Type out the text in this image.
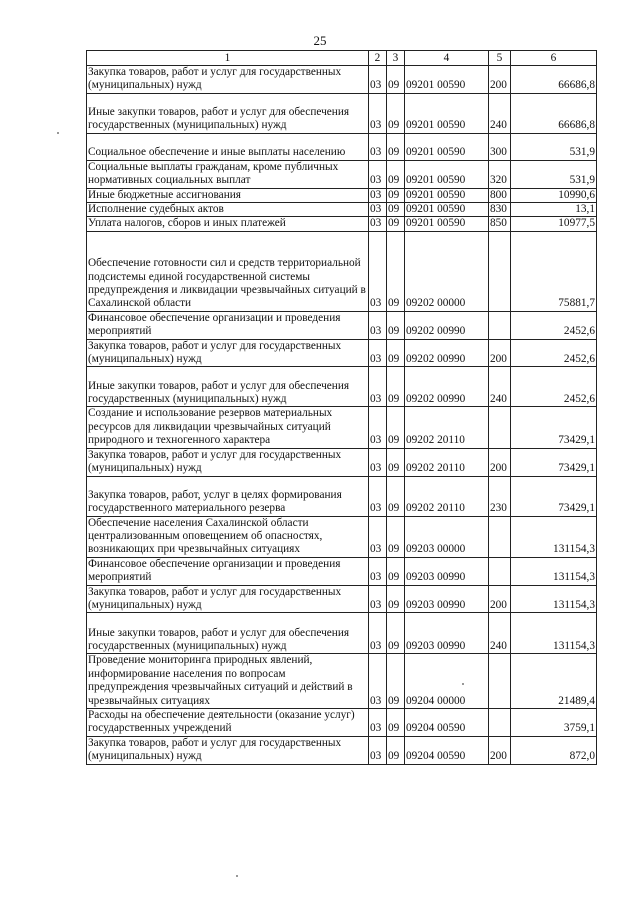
25
1	2	3	4	5	6
Закупка товаров, работ и услуг для государственных (муниципальных) нужд	03	09	09201 00590	200	66686,8
Иные закупки товаров, работ и услуг для обеспечения государственных (муниципальных) нужд	03	09	09201 00590	240	66686,8
Социальное обеспечение и иные выплаты населению	03	09	09201 00590	300	531,9
Социальные выплаты гражданам, кроме публичных нормативных социальных выплат	03	09	09201 00590	320	531,9
Иные бюджетные ассигнования	03	09	09201 00590	800	10990,6
Исполнение судебных актов	03	09	09201 00590	830	13,1
Уплата налогов, сборов и иных платежей	03	09	09201 00590	850	10977,5
Обеспечение готовности сил и средств территориальной подсистемы единой государственной системы предупреждения и ликвидации чрезвычайных ситуаций в Сахалинской области	03	09	09202 00000		75881,7
Финансовое обеспечение организации и проведения мероприятий	03	09	09202 00990		2452,6
Закупка товаров, работ и услуг для государственных (муниципальных) нужд	03	09	09202 00990	200	2452,6
Иные закупки товаров, работ и услуг для обеспечения государственных (муниципальных) нужд	03	09	09202 00990	240	2452,6
Создание и использование резервов материальных ресурсов для ликвидации чрезвычайных ситуаций природного и техногенного характера	03	09	09202 20110		73429,1
Закупка товаров, работ и услуг для государственных (муниципальных) нужд	03	09	09202 20110	200	73429,1
Закупка товаров, работ, услуг в целях формирования государственного материального резерва	03	09	09202 20110	230	73429,1
Обеспечение населения Сахалинской области централизованным оповещением об опасностях, возникающих при чрезвычайных ситуациях	03	09	09203 00000		131154,3
Финансовое обеспечение организации и проведения мероприятий	03	09	09203 00990		131154,3
Закупка товаров, работ и услуг для государственных (муниципальных) нужд	03	09	09203 00990	200	131154,3
Иные закупки товаров, работ и услуг для обеспечения государственных (муниципальных) нужд	03	09	09203 00990	240	131154,3
Проведение мониторинга природных явлений, информирование населения по вопросам предупреждения чрезвычайных ситуаций и действий в чрезвычайных ситуациях	03	09	09204 00000		21489,4
Расходы на обеспечение деятельности (оказание услуг) государственных учреждений	03	09	09204 00590		3759,1
Закупка товаров, работ и услуг для государственных (муниципальных) нужд	03	09	09204 00590	200	872,0
